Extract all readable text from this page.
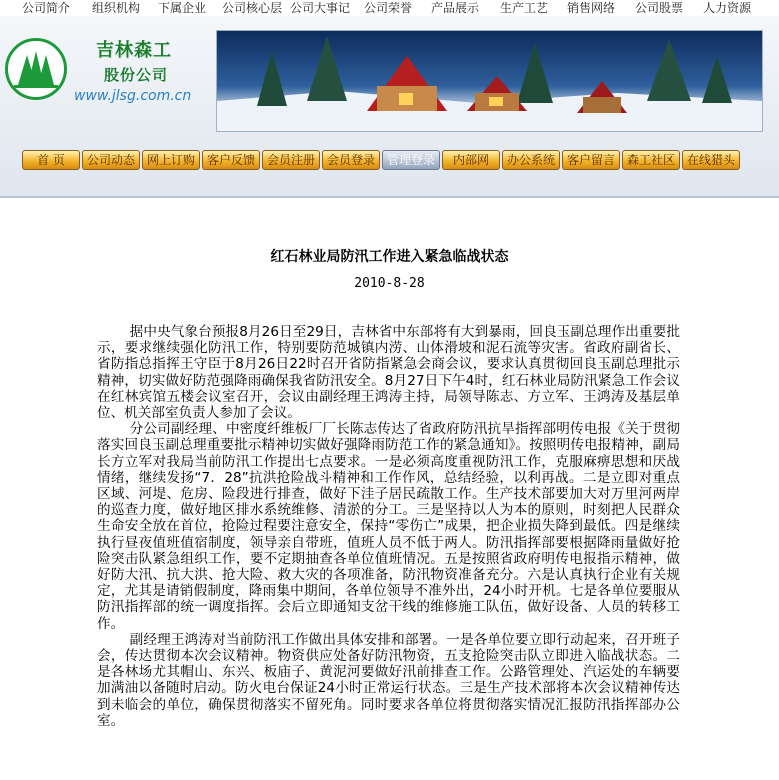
公司简介 组织机构 下属企业 公司核心层 公司大事记 公司荣誉 产品展示 生产工艺 销售网络 公司股票 人力资源
吉林森工
股份公司
www.jlsg.com.cn
首 页	公司动态 网上订购 客户反馈 会员注册 会员登录 管理登录	内部网	办公系统 客户留言 森工社区 在线猎头
红石林业局防汛工作进入紧急临战状态
2010-8-28

据中央气象台预报8月26日至29日，吉林省中东部将有大到暴雨，回良玉副总理作出重要批示，要求继续强化防汛工作，特别要防范城镇内涝、山体滑坡和泥石流等灾害。省政府副省长、省防指总指挥王守臣于8月26日22时召开省防指紧急会商会议，要求认真贯彻回良玉副总理批示精神，切实做好防范强降雨确保我省防汛安全。8月27日下午4时，红石林业局防汛紧急工作会议在红林宾馆五楼会议室召开，会议由副经理王鸿涛主持，局领导陈志、方立军、王鸿涛及基层单位、机关部室负责人参加了会议。

分公司副经理、中密度纤维板厂厂长陈志传达了省政府防汛抗旱指挥部明传电报《关于贯彻落实回良玉副总理重要批示精神切实做好强降雨防范工作的紧急通知》。按照明传电报精神，副局长方立军对我局当前防汛工作提出七点要求。一是必须高度重视防汛工作，克服麻痹思想和厌战情绪，继续发扬“7．28”抗洪抢险战斗精神和工作作风，总结经验，以利再战。二是立即对重点区域、河堤、危房、险段进行排查，做好下洼子居民疏散工作。生产技术部要加大对万里河两岸的巡查力度，做好地区排水系统维修、清淤的分工。三是坚持以人为本的原则，时刻把人民群众生命安全放在首位，抢险过程要注意安全，保持“零伤亡”成果，把企业损失降到最低。四是继续执行昼夜值班值宿制度，领导亲自带班，值班人员不低于两人。防汛指挥部要根据降雨量做好抢险突击队紧急组织工作，要不定期抽查各单位值班情况。五是按照省政府明传电报指示精神，做好防大汛、抗大洪、抢大险、救大灾的各项准备，防汛物资准备充分。六是认真执行企业有关规定，尤其是请销假制度，降雨集中期间，各单位领导不准外出，24小时开机。七是各单位要服从防汛指挥部的统一调度指挥。会后立即通知支岔干线的维修施工队伍，做好设备、人员的转移工作。

副经理王鸿涛对当前防汛工作做出具体安排和部署。一是各单位要立即行动起来，召开班子会，传达贯彻本次会议精神。物资供应处备好防汛物资，五支抢险突击队立即进入临战状态。二是各林场尤其帽山、东兴、板庙子、黄泥河要做好汛前排查工作。公路管理处、汽运处的车辆要加满油以备随时启动。防火电台保证24小时正常运行状态。三是生产技术部将本次会议精神传达到未临会的单位，确保贯彻落实不留死角。同时要求各单位将贯彻落实情况汇报防汛指挥部办公室。
